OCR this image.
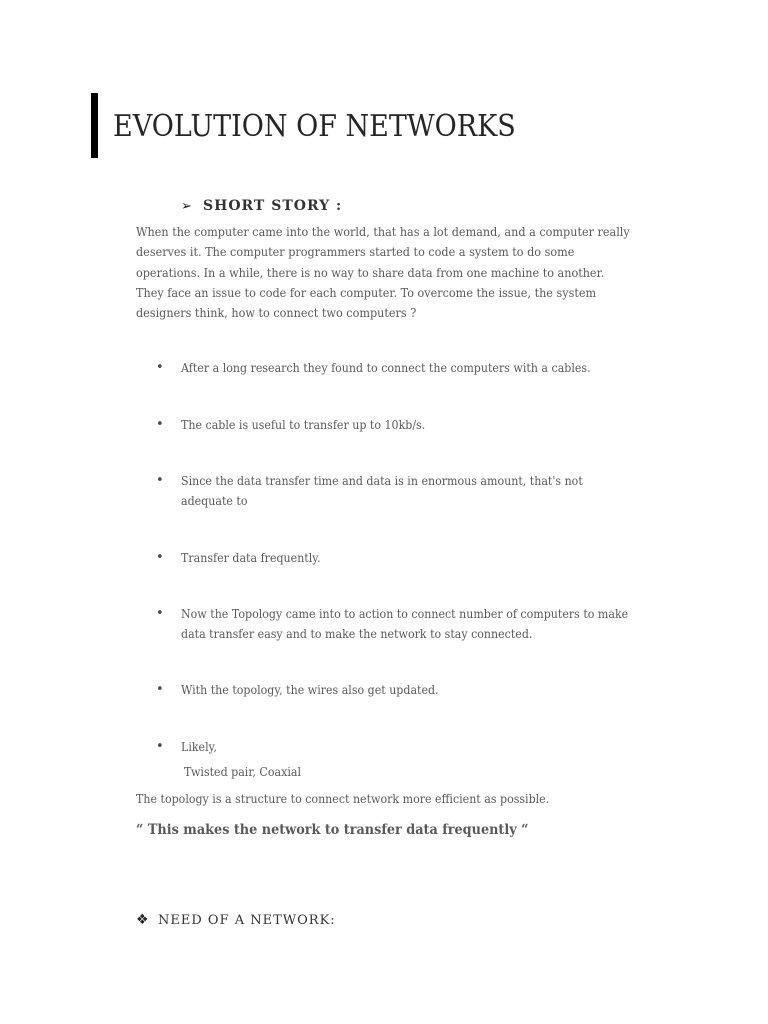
EVOLUTION OF NETWORKS
➢ SHORT STORY :
When the computer came into the world, that has a lot demand, and a computer really deserves it. The computer programmers started to code a system to do some operations. In a while, there is no way to share data from one machine to another. They face an issue to code for each computer. To overcome the issue, the system designers think, how to connect two computers ?
•	After a long research they found to connect the computers with a cables.
•	The cable is useful to transfer up to 10kb/s.
•	Since the data transfer time and data is in enormous amount, that's not adequate to
•	Transfer data frequently.
•	Now the Topology came into to action to connect number of computers to make data transfer easy and to make the network to stay connected.
•	With the topology, the wires also get updated.
•	Likely,
Twisted pair, Coaxial
The topology is a structure to connect network more efficient as possible.
“ This makes the network to transfer data frequently “
❖ NEED OF A NETWORK:
